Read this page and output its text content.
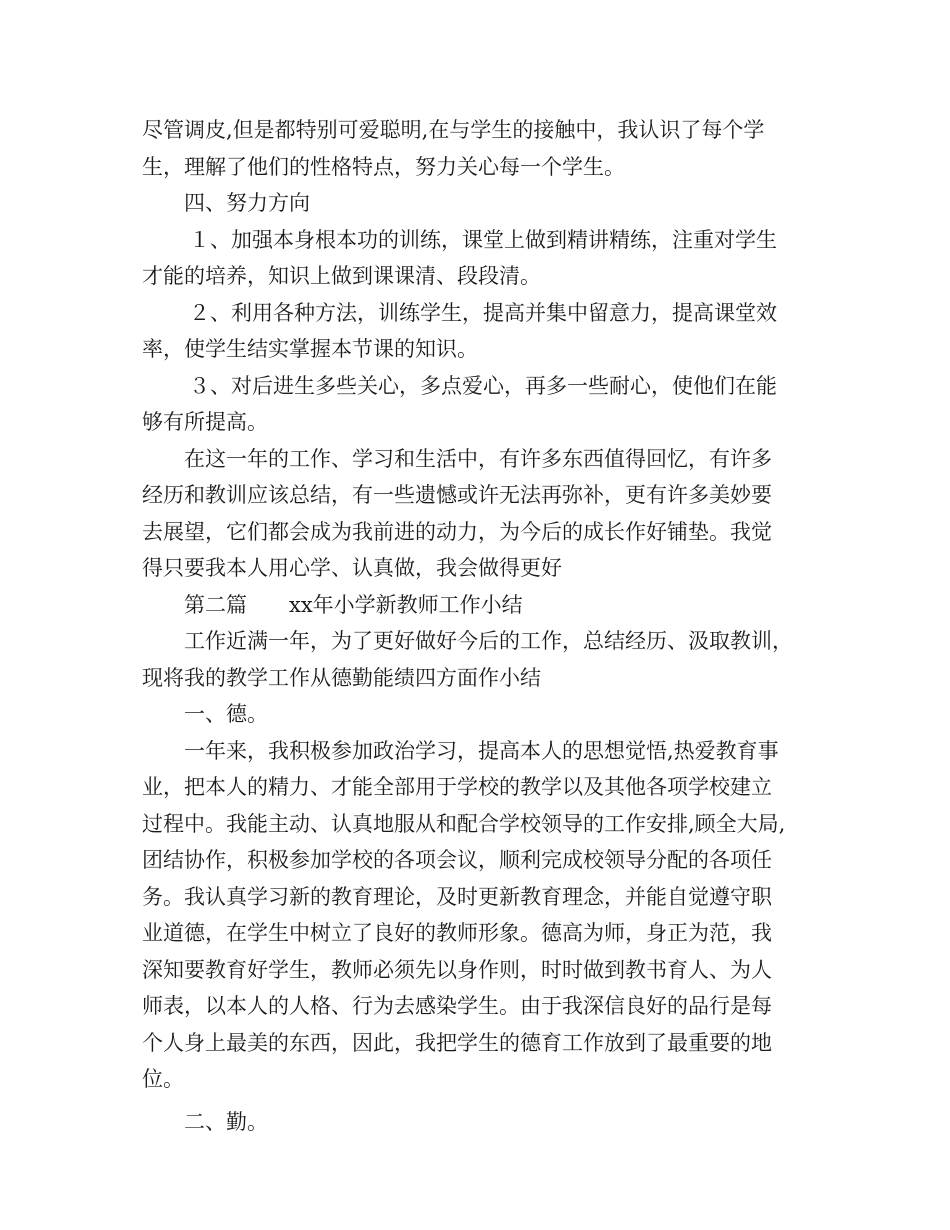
尽管调皮,但是都特别可爱聪明,在与学生的接触中，我认识了每个学
生，理解了他们的性格特点，努力关心每一个学生。
四、努力方向
１、加强本身根本功的训练，课堂上做到精讲精练，注重对学生
才能的培养，知识上做到课课清、段段清。
２、利用各种方法，训练学生，提高并集中留意力，提高课堂效
率，使学生结实掌握本节课的知识。
３、对后进生多些关心，多点爱心，再多一些耐心，使他们在能
够有所提高。
在这一年的工作、学习和生活中，有许多东西值得回忆，有许多
经历和教训应该总结，有一些遗憾或许无法再弥补，更有许多美妙要
去展望，它们都会成为我前进的动力，为今后的成长作好铺垫。我觉
得只要我本人用心学、认真做，我会做得更好
第二篇　　xx年小学新教师工作小结
工作近满一年，为了更好做好今后的工作，总结经历、汲取教训，
现将我的教学工作从德勤能绩四方面作小结
一、德。
一年来，我积极参加政治学习，提高本人的思想觉悟,热爱教育事
业，把本人的精力、才能全部用于学校的教学以及其他各项学校建立
过程中。我能主动、认真地服从和配合学校领导的工作安排,顾全大局,
团结协作，积极参加学校的各项会议，顺利完成校领导分配的各项任
务。我认真学习新的教育理论，及时更新教育理念，并能自觉遵守职
业道德，在学生中树立了良好的教师形象。德高为师，身正为范，我
深知要教育好学生，教师必须先以身作则，时时做到教书育人、为人
师表，以本人的人格、行为去感染学生。由于我深信良好的品行是每
个人身上最美的东西，因此，我把学生的德育工作放到了最重要的地
位。
二、勤。
